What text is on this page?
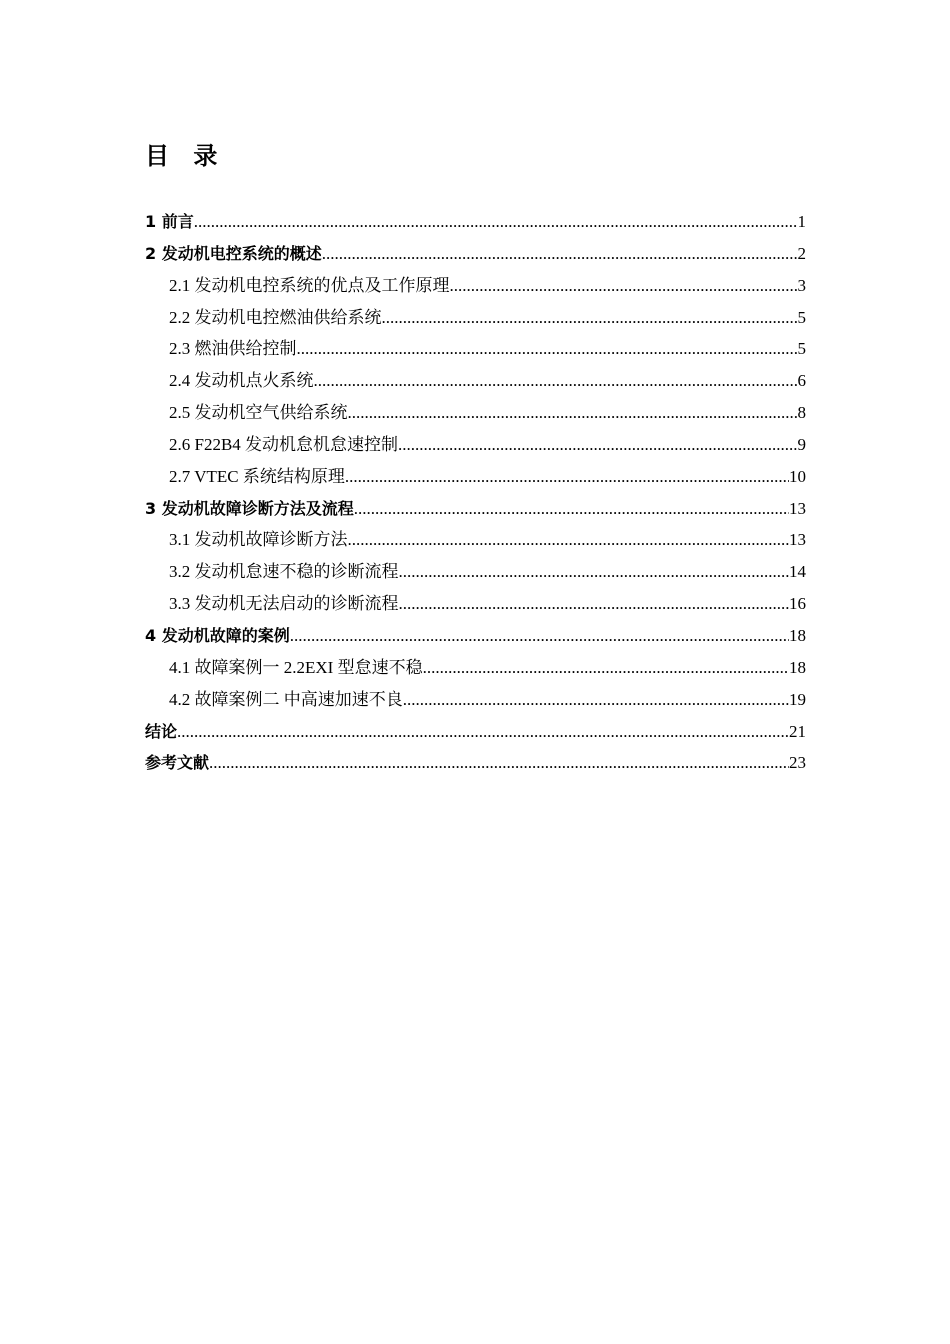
目 录
1 前言 .....	1
2 发动机电控系统的概述 .....	2
2.1 发动机电控系统的优点及工作原理 .....	3
2.2 发动机电控燃油供给系统 .....	5
2.3 燃油供给控制 .....	5
2.4 发动机点火系统 .....	6
2.5 发动机空气供给系统 .....	8
2.6 F22B4 发动机怠机怠速控制 .....	9
2.7 VTEC 系统结构原理 .....	10
3 发动机故障诊断方法及流程 .....	13
3.1 发动机故障诊断方法 .....	13
3.2 发动机怠速不稳的诊断流程 .....	14
3.3 发动机无法启动的诊断流程 .....	16
4 发动机故障的案例 .....	18
4.1 故障案例一 2.2EXI 型怠速不稳 .....	18
4.2 故障案例二 中高速加速不良 .....	19
结论 .....	21
参考文献 .....	23
